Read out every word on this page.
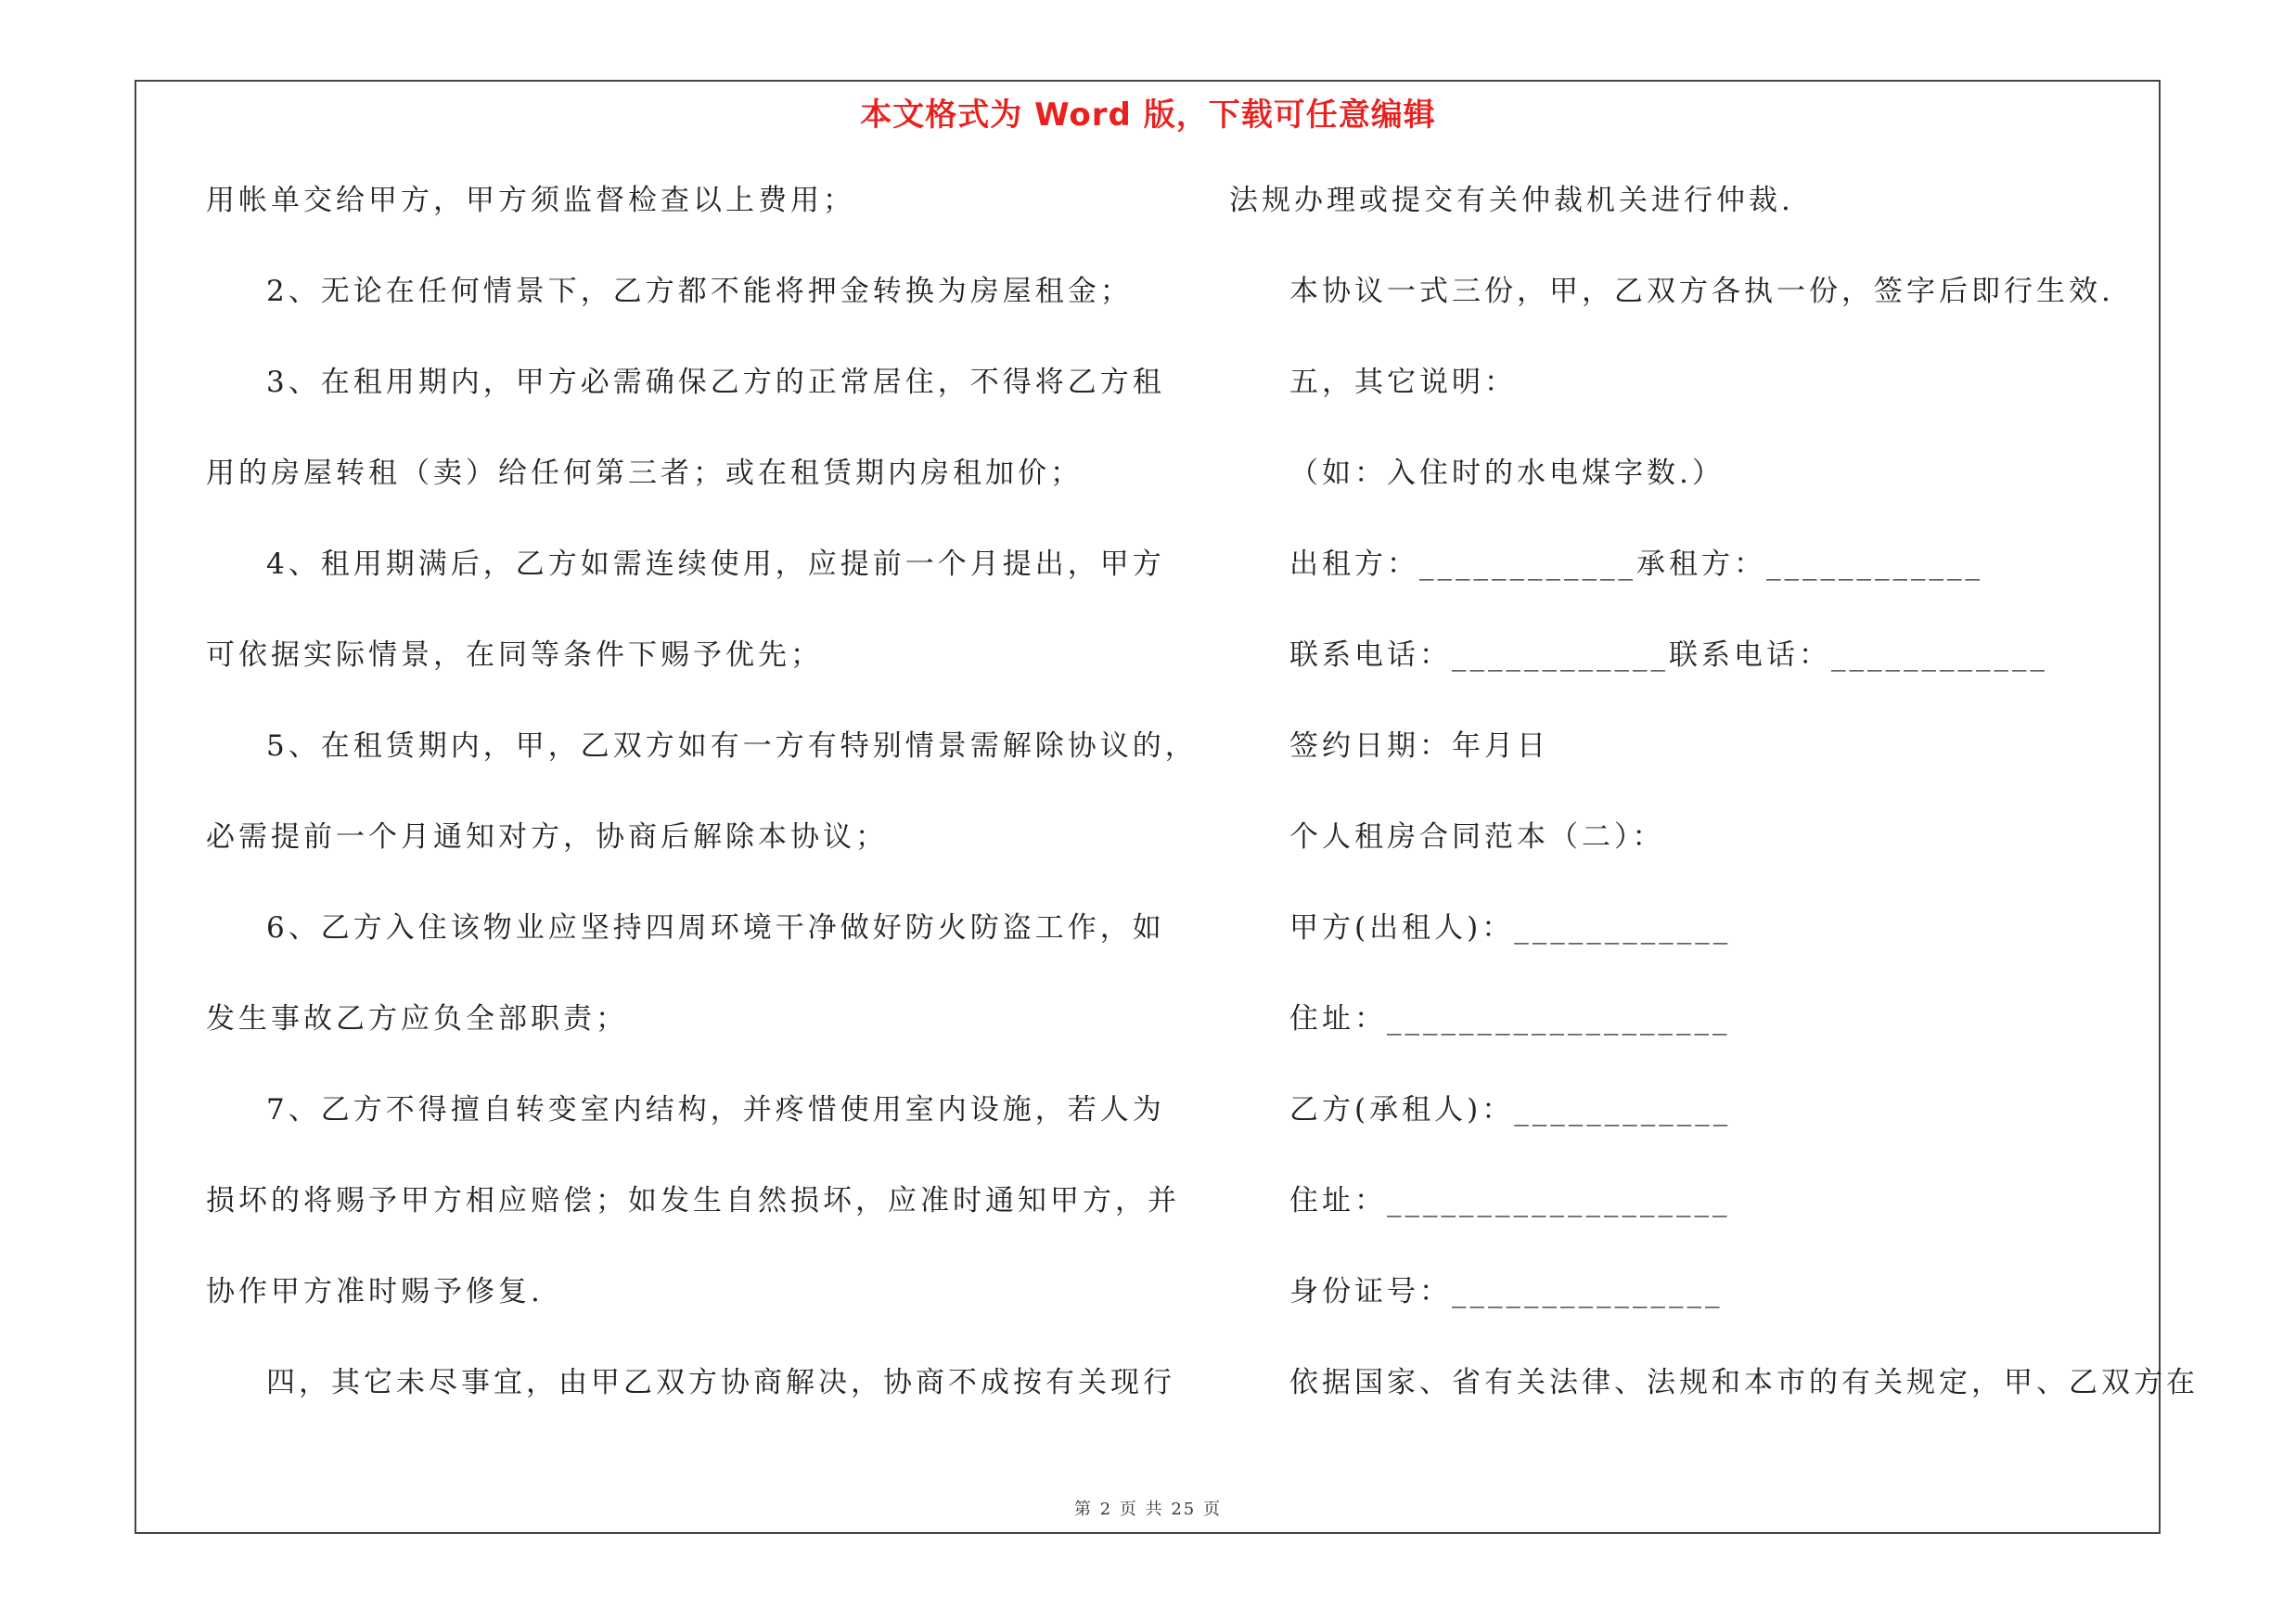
本文格式为 Word 版，下载可任意编辑
用帐单交给甲方，甲方须监督检查以上费用；
2、无论在任何情景下，乙方都不能将押金转换为房屋租金；
3、在租用期内，甲方必需确保乙方的正常居住，不得将乙方租
用的房屋转租（卖）给任何第三者；或在租赁期内房租加价；
4、租用期满后，乙方如需连续使用，应提前一个月提出，甲方
可依据实际情景，在同等条件下赐予优先；
5、在租赁期内，甲，乙双方如有一方有特别情景需解除协议的，
必需提前一个月通知对方，协商后解除本协议；
6、乙方入住该物业应坚持四周环境干净做好防火防盗工作，如
发生事故乙方应负全部职责；
7、乙方不得擅自转变室内结构，并疼惜使用室内设施，若人为
损坏的将赐予甲方相应赔偿；如发生自然损坏，应准时通知甲方，并
协作甲方准时赐予修复.
四，其它未尽事宜，由甲乙双方协商解决，协商不成按有关现行
法规办理或提交有关仲裁机关进行仲裁.
本协议一式三份，甲，乙双方各执一份，签字后即行生效.
五，其它说明：
（如：入住时的水电煤字数.）
出租方：____________承租方：____________
联系电话：____________联系电话：____________
签约日期：年月日
个人租房合同范本（二）：
甲方(出租人)：____________
住址：___________________
乙方(承租人)：____________
住址：___________________
身份证号：_______________
依据国家、省有关法律、法规和本市的有关规定，甲、乙双方在
第 2 页 共 25 页
